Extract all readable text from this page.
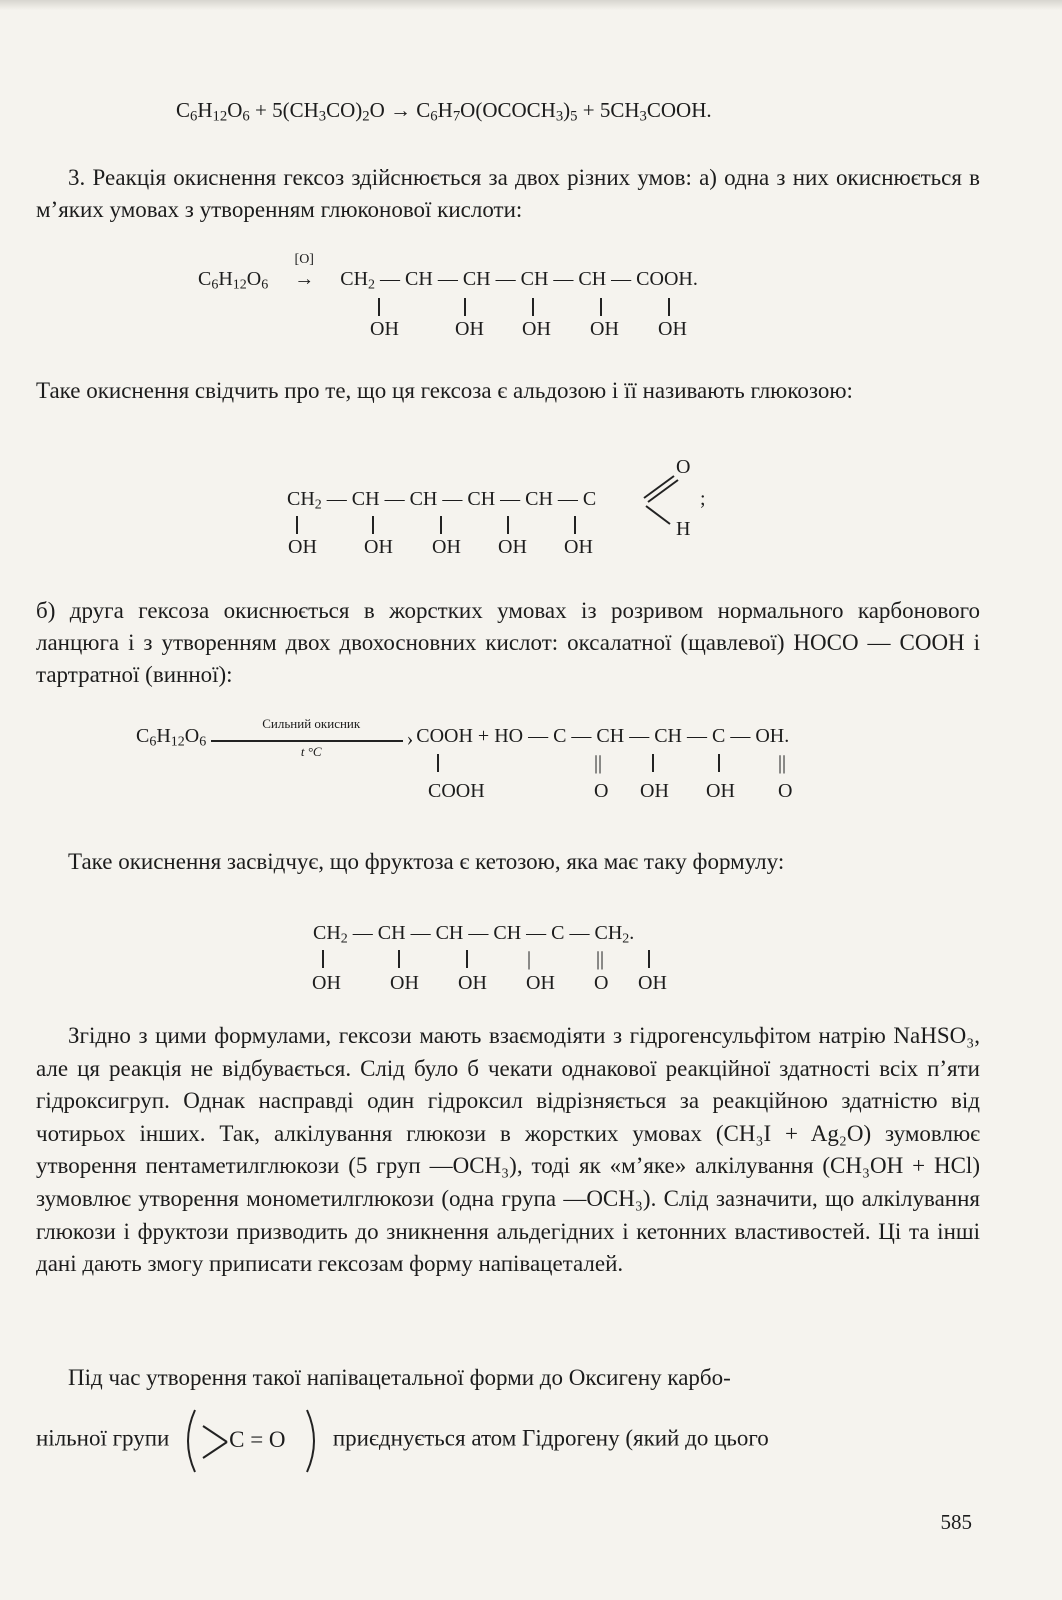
$C_6H_{12}O_6 + 5(CH_3CO)_2O$ → $C_6H_7O(OCOCH_3)_5$ + $5CH_3COOH$.
3. Реакція окиснення гексоз здійснюється за двох різних умов: а) одна з них окиснюється в м’яких умовах з утворенням глюконової кислоти:
$C_6H_{12}O_6$
[O]
→ $CH_2$ — CH — CH — CH — CH — COOH.
OH	OH OH OH OH
Таке окиснення свідчить про те, що ця гексоза є альдозою і її називають глюкозою:
$CH_2$ — CH — CH — CH — CH — C
O
H
;
OH OH OH OH OH
б) друга гексоза окиснюється в жорстких умовах із розривом нормального карбонового ланцюга і з утворенням двох двохосновних кислот: оксалатної (щавлевої) HOCO — COOH і тартратної (винної):
$C_6H_{12}O_6$
Сильний окисник
t °C
›
COOH + HO — C — CH — CH — C — OH.
COOH
||	||
O OH OH O
Таке окиснення засвідчує, що фруктоза є кетозою, яка має таку формулу:
$CH_2$ — CH — CH — CH — C — $CH_2$.
|	||
OH OH OH OH O OH
Згідно з цими формулами, гексози мають взаємодіяти з гідрогенсульфітом натрію NaHSO₃, але ця реакція не відбувається. Слід було б чекати однакової реакційної здатності всіх п’яти гідроксигруп. Однак насправді один гідроксил відрізняється за реакційною здатністю від чотирьох інших. Так, алкілування глюкози в жорстких умовах (CH₃I + Ag₂O) зумовлює утворення пентаметилглюкози (5 груп —OCH₃), тоді як «м’яке» алкілування (CH₃OH + HCl) зумовлює утворення монометилглюкози (одна група —OCH₃). Слід зазначити, що алкілування глюкози і фруктози призводить до зникнення альдегідних і кетонних властивостей. Ці та інші дані дають змогу приписати гексозам форму напівацеталей.
Під час утворення такої напівацетальної форми до Оксигену карбо-
нільної групи	C = O приєднується атом Гідрогену (який до цього
585
